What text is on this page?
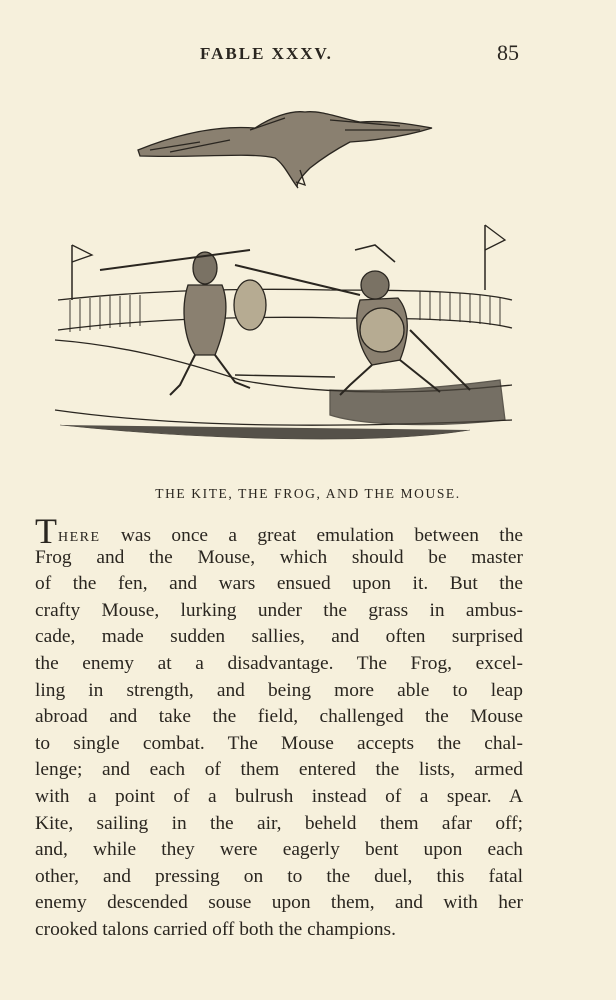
FABLE XXXV.	85
THE KITE, THE FROG, AND THE MOUSE.
THERE was once a great emulation between the
Frog and the Mouse, which should be master
of the fen, and wars ensued upon it. But the
crafty Mouse, lurking under the grass in ambus-
cade, made sudden sallies, and often surprised
the enemy at a disadvantage. The Frog, excel-
ling in strength, and being more able to leap
abroad and take the field, challenged the Mouse
to single combat. The Mouse accepts the chal-
lenge; and each of them entered the lists, armed
with a point of a bulrush instead of a spear. A
Kite, sailing in the air, beheld them afar off;
and, while they were eagerly bent upon each
other, and pressing on to the duel, this fatal
enemy descended souse upon them, and with her
crooked talons carried off both the champions.
